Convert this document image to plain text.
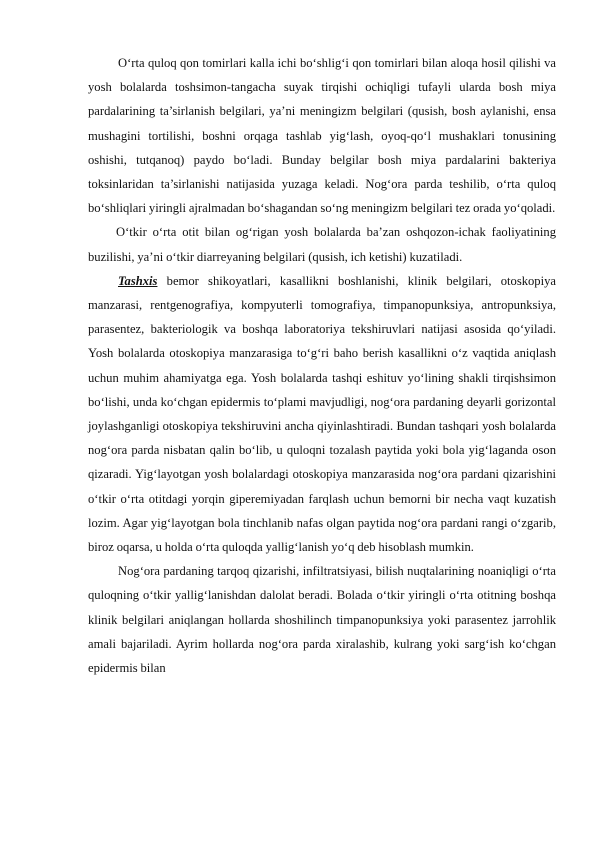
O‘rta quloq qon tomirlari kalla ichi bo‘shlig‘i qon tomirlari bilan aloqa hosil qilishi va yosh bolalarda toshsimon-tangacha suyak tirqishi ochiqligi tufayli ularda bosh miya pardalarining ta’sirlanish belgilari, ya’ni meningizm belgilari (qusish, bosh aylanishi, ensa mushagini tortilishi, boshni orqaga tashlab yig‘lash, oyoq-qo‘l mushaklari tonusining oshishi, tutqanoq) paydo bo‘ladi. Bunday belgilar bosh miya pardalarini bakteriya toksinlaridan ta’sirlanishi natijasida yuzaga keladi. Nog‘ora parda teshilib, o‘rta quloq bo‘shliqlari yiringli ajralmadan bo‘shagandan so‘ng meningizm belgilari tez orada yo‘qoladi.

O‘tkir o‘rta otit bilan og‘rigan yosh bolalarda ba’zan oshqozon-ichak faoliyatining buzilishi, ya’ni o‘tkir diarreyaning belgilari (qusish, ich ketishi) kuzatiladi.

Tashxis bemor shikoyatlari, kasallikni boshlanishi, klinik belgilari, otoskopiya manzarasi, rentgenografiya, kompyuterli tomografiya, timpanopunksiya, antropunksiya, parasentez, bakteriologik va boshqa laboratoriya tekshiruvlari natijasi asosida qo‘yiladi. Yosh bolalarda otoskopiya manzarasiga to‘g‘ri baho berish kasallikni o‘z vaqtida aniqlash uchun muhim ahamiyatga ega. Yosh bolalarda tashqi eshituv yo‘lining shakli tirqishsimon bo‘lishi, unda ko‘chgan epidermis to‘plami mavjudligi, nog‘ora pardaning deyarli gorizontal joylashganligi otoskopiya tekshiruvini ancha qiyinlashtiradi. Bundan tashqari yosh bolalarda nog‘ora parda nisbatan qalin bo‘lib, u quloqni tozalash paytida yoki bola yig‘laganda oson qizaradi. Yig‘layotgan yosh bolalardagi otoskopiya manzarasida nog‘ora pardani qizarishini o‘tkir o‘rta otitdagi yorqin giperemiyadan farqlash uchun bemorni bir necha vaqt kuzatish lozim. Agar yig‘layotgan bola tinchlanib nafas olgan paytida nog‘ora pardani rangi o‘zgarib, biroz oqarsa, u holda o‘rta quloqda yallig‘lanish yo‘q deb hisoblash mumkin.

Nog‘ora pardaning tarqoq qizarishi, infiltratsiyasi, bilish nuqtalarining noaniqligi o‘rta quloqning o‘tkir yallig‘lanishdan dalolat beradi. Bolada o‘tkir yiringli o‘rta otitning boshqa klinik belgilari aniqlangan hollarda shoshilinch timpanopunksiya yoki parasentez jarrohlik amali bajariladi. Ayrim hollarda nog‘ora parda xiralashib, kulrang yoki sarg‘ish ko‘chgan epidermis bilan
